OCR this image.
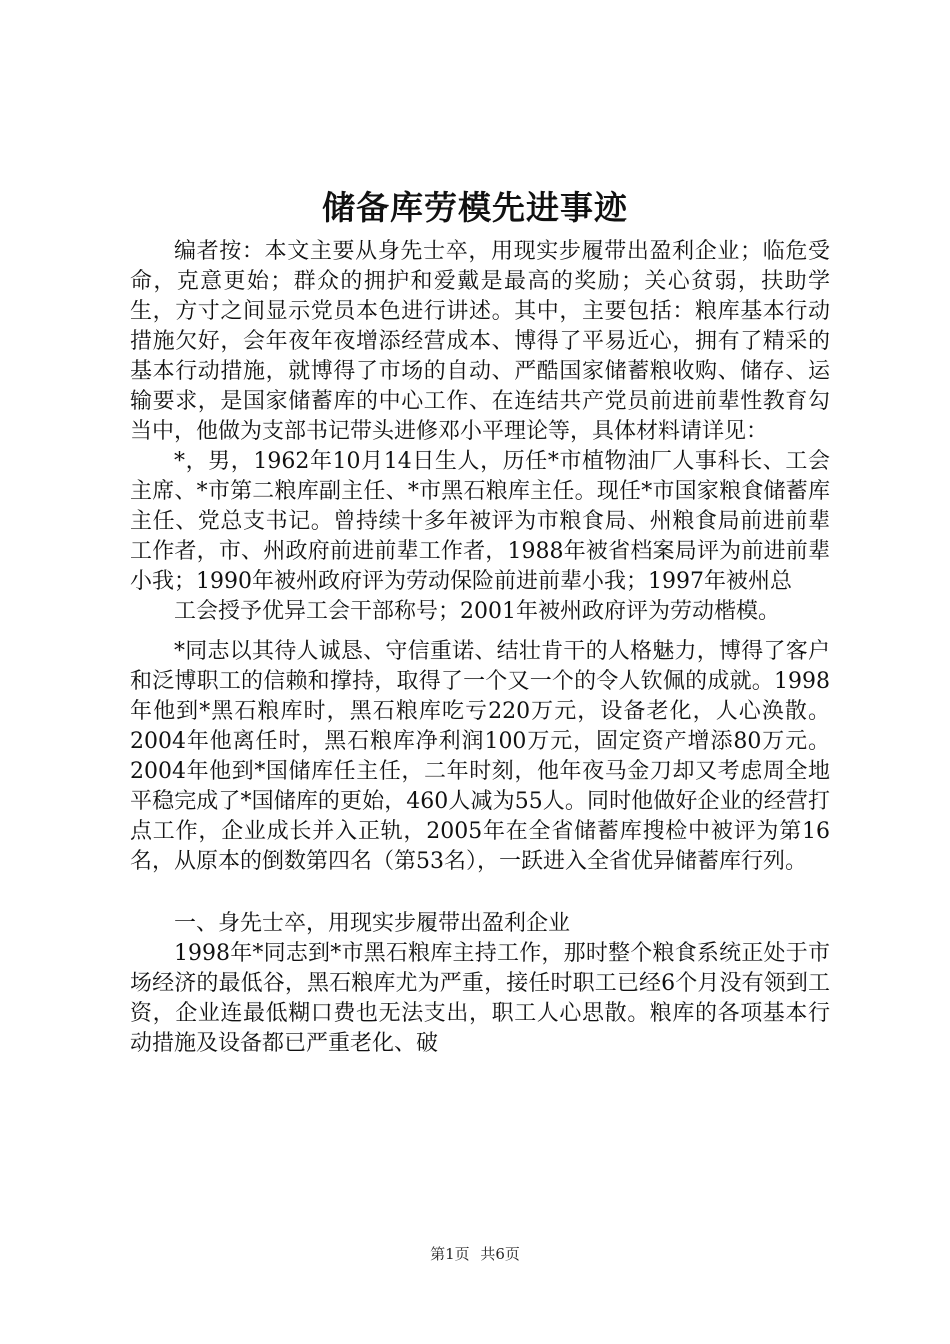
储备库劳模先进事迹

编者按：本文主要从身先士卒，用现实步履带出盈利企业；临危受命，克意更始；群众的拥护和爱戴是最高的奖励；关心贫弱，扶助学生，方寸之间显示党员本色进行讲述。其中，主要包括：粮库基本行动措施欠好，会年夜年夜增添经营成本、博得了平易近心，拥有了精采的基本行动措施，就博得了市场的自动、严酷国家储蓄粮收购、储存、运输要求，是国家储蓄库的中心工作、在连结共产党员前进前辈性教育勾当中，他做为支部书记带头进修邓小平理论等，具体材料请详见：

*，男，1962年10月14日生人，历任*市植物油厂人事科长、工会主席、*市第二粮库副主任、*市黑石粮库主任。现任*市国家粮食储蓄库主任、党总支书记。曾持续十多年被评为市粮食局、州粮食局前进前辈工作者，市、州政府前进前辈工作者，1988年被省档案局评为前进前辈小我；1990年被州政府评为劳动保险前进前辈小我；1997年被州总

工会授予优异工会干部称号；2001年被州政府评为劳动楷模。

*同志以其待人诚恳、守信重诺、结壮肯干的人格魅力，博得了客户和泛博职工的信赖和撑持，取得了一个又一个的令人钦佩的成就。1998年他到*黑石粮库时，黑石粮库吃亏220万元，设备老化，人心涣散。2004年他离任时，黑石粮库净利润100万元，固定资产增添80万元。2004年他到*国储库任主任，二年时刻，他年夜马金刀却又考虑周全地平稳完成了*国储库的更始，460人减为55人。同时他做好企业的经营打点工作，企业成长并入正轨，2005年在全省储蓄库搜检中被评为第16名，从原本的倒数第四名（第53名），一跃进入全省优异储蓄库行列。

一、身先士卒，用现实步履带出盈利企业

1998年*同志到*市黑石粮库主持工作，那时整个粮食系统正处于市场经济的最低谷，黑石粮库尤为严重，接任时职工已经6个月没有领到工资，企业连最低糊口费也无法支出，职工人心思散。粮库的各项基本行动措施及设备都已严重老化、破

第1页 共6页
